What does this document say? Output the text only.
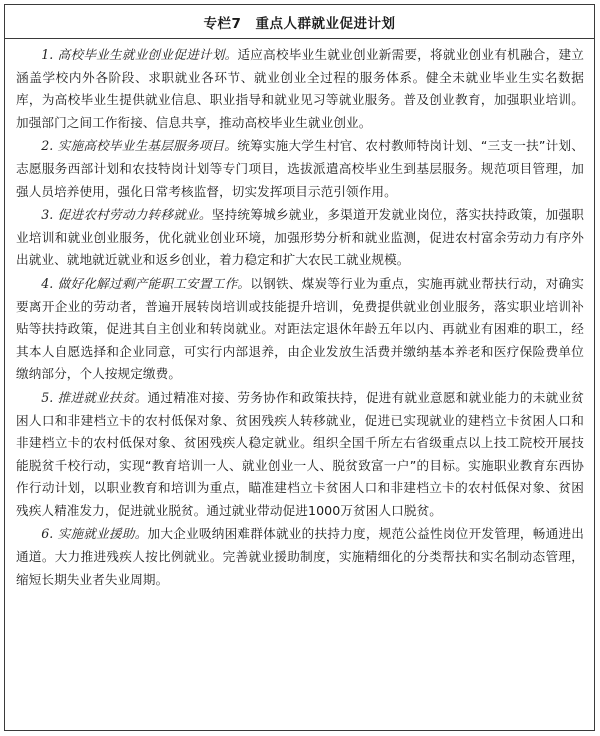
专栏7 重点人群就业促进计划

1. 高校毕业生就业创业促进计划。适应高校毕业生就业创业新需要，将就业创业有机融合，建立涵盖学校内外各阶段、求职就业各环节、就业创业全过程的服务体系。健全未就业毕业生实名数据库，为高校毕业生提供就业信息、职业指导和就业见习等就业服务。普及创业教育，加强职业培训。加强部门之间工作衔接、信息共享，推动高校毕业生就业创业。

2. 实施高校毕业生基层服务项目。统筹实施大学生村官、农村教师特岗计划、“三支一扶”计划、志愿服务西部计划和农技特岗计划等专门项目，选拔派遣高校毕业生到基层服务。规范项目管理，加强人员培养使用，强化日常考核监督，切实发挥项目示范引领作用。

3. 促进农村劳动力转移就业。坚持统筹城乡就业，多渠道开发就业岗位，落实扶持政策，加强职业培训和就业创业服务，优化就业创业环境，加强形势分析和就业监测，促进农村富余劳动力有序外出就业、就地就近就业和返乡创业，着力稳定和扩大农民工就业规模。

4. 做好化解过剩产能职工安置工作。以钢铁、煤炭等行业为重点，实施再就业帮扶行动，对确实要离开企业的劳动者，普遍开展转岗培训或技能提升培训，免费提供就业创业服务，落实职业培训补贴等扶持政策，促进其自主创业和转岗就业。对距法定退休年龄五年以内、再就业有困难的职工，经其本人自愿选择和企业同意，可实行内部退养，由企业发放生活费并缴纳基本养老和医疗保险费单位缴纳部分，个人按规定缴费。

5. 推进就业扶贫。通过精准对接、劳务协作和政策扶持，促进有就业意愿和就业能力的未就业贫困人口和非建档立卡的农村低保对象、贫困残疾人转移就业，促进已实现就业的建档立卡贫困人口和非建档立卡的农村低保对象、贫困残疾人稳定就业。组织全国千所左右省级重点以上技工院校开展技能脱贫千校行动，实现“教育培训一人、就业创业一人、脱贫致富一户”的目标。实施职业教育东西协作行动计划，以职业教育和培训为重点，瞄准建档立卡贫困人口和非建档立卡的农村低保对象、贫困残疾人精准发力，促进就业脱贫。通过就业带动促进1000万贫困人口脱贫。

6. 实施就业援助。加大企业吸纳困难群体就业的扶持力度，规范公益性岗位开发管理，畅通进出通道。大力推进残疾人按比例就业。完善就业援助制度，实施精细化的分类帮扶和实名制动态管理，缩短长期失业者失业周期。
